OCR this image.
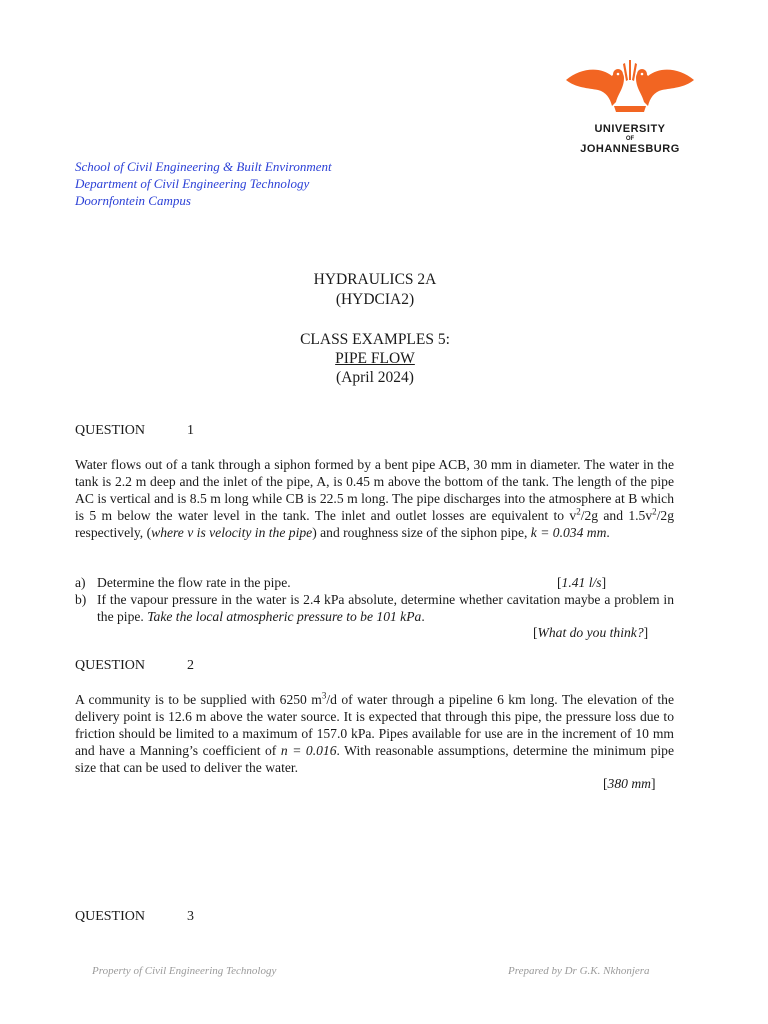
UNIVERSITY
OF
JOHANNESBURG
School of Civil Engineering & Built Environment
Department of Civil Engineering Technology
Doornfontein Campus
HYDRAULICS 2A
(HYDCIA2)
CLASS EXAMPLES 5:
PIPE FLOW
(April 2024)
QUESTION	1

Water flows out of a tank through a siphon formed by a bent pipe ACB, 30 mm in diameter. The water in the tank is 2.2 m deep and the inlet of the pipe, A, is 0.45 m above the bottom of the tank. The length of the pipe AC is vertical and is 8.5 m long while CB is 22.5 m long. The pipe discharges into the atmosphere at B which is 5 m below the water level in the tank. The inlet and outlet losses are equivalent to $v^2/2g$ and $1.5v^2/2g$ respectively, (where v is velocity in the pipe) and roughness size of the siphon pipe, k = 0.034 mm.

a) Determine the flow rate in the pipe.	[1.41 l/s]
b) If the vapour pressure in the water is 2.4 kPa absolute, determine whether cavitation maybe a problem in the pipe. Take the local atmospheric pressure to be 101 kPa.
[What do you think?]
QUESTION	2

A community is to be supplied with 6250 $m^3/d$ of water through a pipeline 6 km long. The elevation of the delivery point is 12.6 m above the water source. It is expected that through this pipe, the pressure loss due to friction should be limited to a maximum of 157.0 kPa. Pipes available for use are in the increment of 10 mm and have a Manning’s coefficient of n = 0.016. With reasonable assumptions, determine the minimum pipe size that can be used to deliver the water.

[380 mm]
QUESTION	3
Property of Civil Engineering Technology	Prepared by Dr G.K. Nkhonjera
